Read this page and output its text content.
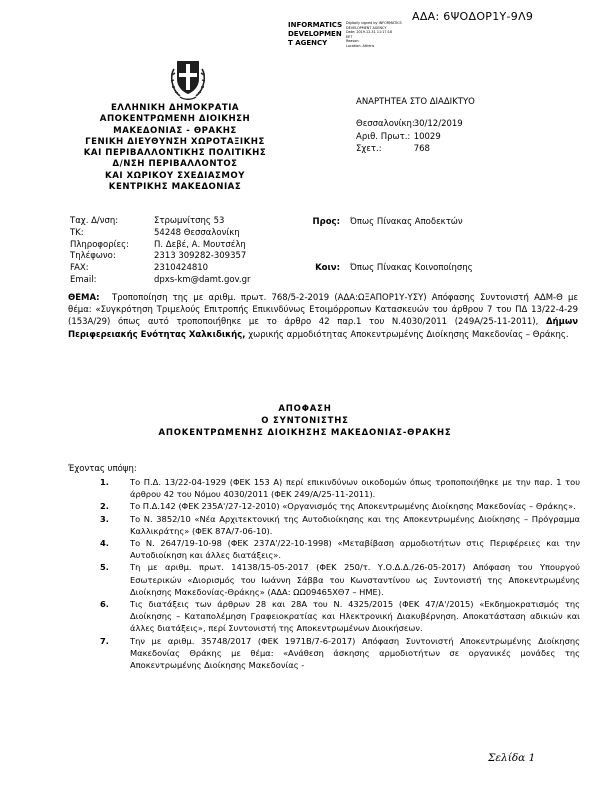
ΑΔΑ: 6ΨΟΔΟΡ1Υ-9Λ9
INFORMATICS
DEVELOPMEN
T AGENCY
Digitally signed by INFORMATICS
DEVELOPMENT AGENCY
Date: 2019.12.31 11:17:18
EET
Reason:
Location: Athens
ΕΛΛΗΝΙΚΗ ΔΗΜΟΚΡΑΤΙΑ
ΑΠΟΚΕΝΤΡΩΜΕΝΗ ΔΙΟΙΚΗΣΗ
ΜΑΚΕΔΟΝΙΑΣ - ΘΡΑΚΗΣ
ΓΕΝΙΚΗ ΔΙΕΥΘΥΝΣΗ ΧΩΡΟΤΑΞΙΚΗΣ
ΚΑΙ ΠΕΡΙΒΑΛΛΟΝΤΙΚΗΣ ΠΟΛΙΤΙΚΗΣ
Δ/ΝΣΗ ΠΕΡΙΒΑΛΛΟΝΤΟΣ
ΚΑΙ ΧΩΡΙΚΟΥ ΣΧΕΔΙΑΣΜΟΥ
ΚΕΝΤΡΙΚΗΣ ΜΑΚΕΔΟΝΙΑΣ
ΑΝΑΡΤΗΤΕΑ ΣΤΟ ΔΙΑΔΙΚΤΥΟ
Θεσσαλονίκη: 30/12/2019
Αριθ. Πρωτ.: 10029
Σχετ.:	768
Ταχ. Δ/νση:	Στρωμνίτσης 53
ΤΚ:	54248 Θεσσαλονίκη
Πληροφορίες:	Π. Δεβέ, Α. Μουτσέλη
Τηλέφωνο:	2313 309282-309357
FAX:	2310424810
Email:	dpxs-km@damt.gov.gr
Προς: Όπως Πίνακας Αποδεκτών
Κοιν: Όπως Πίνακας Κοινοποίησης
ΘΕΜΑ:	Τροποποίηση της με αριθμ. πρωτ. 768/5-2-2019 (ΑΔΑ:ΩΞΑΠΟΡ1Υ-ΥΣΥ) Απόφασης Συντονιστή ΑΔΜ-Θ με θέμα: «Συγκρότηση Τριμελούς Επιτροπής Επικινδύνως Ετοιμόρροπων Κατασκευών του άρθρου 7 του ΠΔ 13/22-4-29 (153Α/29) όπως αυτό τροποποιήθηκε με το άρθρο 42 παρ.1 του Ν.4030/2011 (249Α/25-11-2011), Δήμων Περιφερειακής Ενότητας Χαλκιδικής, χωρικής αρμοδιότητας Αποκεντρωμένης Διοίκησης Μακεδονίας – Θράκης.
ΑΠΟΦΑΣΗ
Ο ΣΥΝΤΟΝΙΣΤΗΣ
ΑΠΟΚΕΝΤΡΩΜΕΝΗΣ ΔΙΟΙΚΗΣΗΣ ΜΑΚΕΔΟΝΙΑΣ-ΘΡΑΚΗΣ
Έχοντας υπόψη:
1.	Το Π.Δ. 13/22-04-1929 (ΦΕΚ 153 Α) περί επικινδύνων οικοδομών όπως τροποποιήθηκε με την παρ. 1 του άρθρου 42 του Νόμου 4030/2011 (ΦΕΚ 249/Α/25-11-2011).
2.	Το Π.Δ.142 (ΦΕΚ 235Α'/27-12-2010) «Οργανισμός της Αποκεντρωμένης Διοίκησης Μακεδονίας – Θράκης».
3.	Το Ν. 3852/10 «Νέα Αρχιτεκτονική της Αυτοδιοίκησης και της Αποκεντρωμένης Διοίκησης – Πρόγραμμα Καλλικράτης» (ΦΕΚ 87Α/7-06-10).
4.	Το Ν. 2647/19-10-98 (ΦΕΚ 237Α'/22-10-1998) «Μεταβίβαση αρμοδιοτήτων στις Περιφέρειες και την Αυτοδιοίκηση και άλλες διατάξεις».
5.	Τη με αριθμ. πρωτ. 14138/15-05-2017 (ΦΕΚ 250/τ. Υ.Ο.Δ.Δ./26-05-2017) Απόφαση του Υπουργού Εσωτερικών «Διορισμός του Ιωάννη Σάββα του Κωνσταντίνου ως Συντονιστή της Αποκεντρωμένης Διοίκησης Μακεδονίας-Θράκης» (ΑΔΑ: ΩΩ09465ΧΘ7 – ΗΜΕ).
6.	Τις διατάξεις των άρθρων 28 και 28Α του Ν. 4325/2015 (ΦΕΚ 47/Α'/2015) «Εκδημοκρατισμός της Διοίκησης – Καταπολέμηση Γραφειοκρατίας και Ηλεκτρονική Διακυβέρνηση. Αποκατάσταση αδικιών και άλλες διατάξεις», περί Συντονιστή της Αποκεντρωμένων Διοικήσεων.
7.	Την με αριθμ. 35748/2017 (ΦΕΚ 1971Β/7-6-2017) Απόφαση Συντονιστή Αποκεντρωμένης Διοίκησης Μακεδονίας Θράκης με θέμα: «Ανάθεση άσκησης αρμοδιοτήτων σε οργανικές μονάδες της Αποκεντρωμένης Διοίκησης Μακεδονίας -
Σελίδα 1
